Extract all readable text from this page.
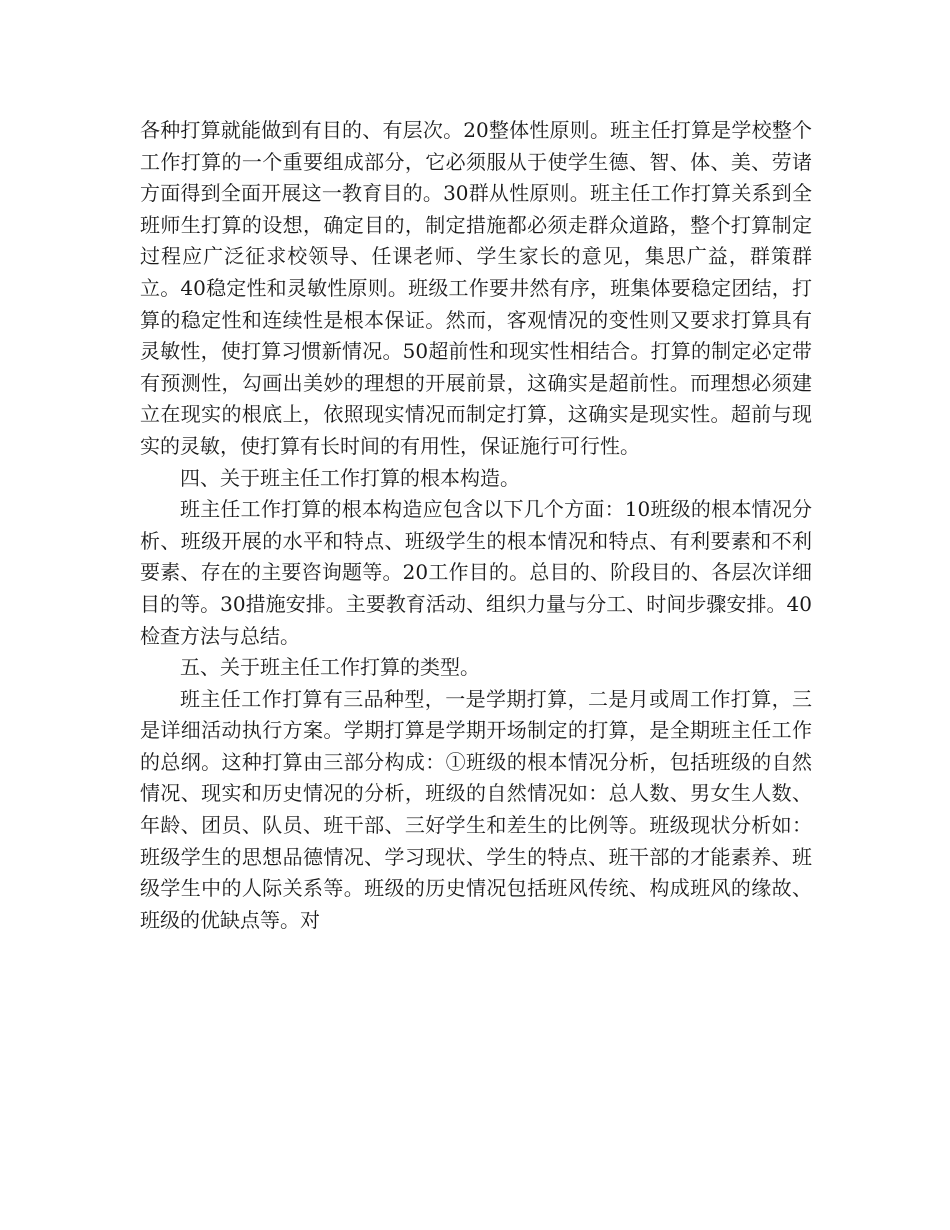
各种打算就能做到有目的、有层次。20整体性原则。班主任打算是学校整个工作打算的一个重要组成部分，它必须服从于使学生德、智、体、美、劳诸方面得到全面开展这一教育目的。30群从性原则。班主任工作打算关系到全班师生打算的设想，确定目的，制定措施都必须走群众道路，整个打算制定过程应广泛征求校领导、任课老师、学生家长的意见，集思广益，群策群立。40稳定性和灵敏性原则。班级工作要井然有序，班集体要稳定团结，打算的稳定性和连续性是根本保证。然而，客观情况的变性则又要求打算具有灵敏性，使打算习惯新情况。50超前性和现实性相结合。打算的制定必定带有预测性，勾画出美妙的理想的开展前景，这确实是超前性。而理想必须建立在现实的根底上，依照现实情况而制定打算，这确实是现实性。超前与现实的灵敏，使打算有长时间的有用性，保证施行可行性。

四、关于班主任工作打算的根本构造。

班主任工作打算的根本构造应包含以下几个方面：10班级的根本情况分析、班级开展的水平和特点、班级学生的根本情况和特点、有利要素和不利要素、存在的主要咨询题等。20工作目的。总目的、阶段目的、各层次详细目的等。30措施安排。主要教育活动、组织力量与分工、时间步骤安排。40检查方法与总结。

五、关于班主任工作打算的类型。

班主任工作打算有三品种型，一是学期打算，二是月或周工作打算，三是详细活动执行方案。学期打算是学期开场制定的打算，是全期班主任工作的总纲。这种打算由三部分构成：①班级的根本情况分析，包括班级的自然情况、现实和历史情况的分析，班级的自然情况如：总人数、男女生人数、年龄、团员、队员、班干部、三好学生和差生的比例等。班级现状分析如：班级学生的思想品德情况、学习现状、学生的特点、班干部的才能素养、班级学生中的人际关系等。班级的历史情况包括班风传统、构成班风的缘故、班级的优缺点等。对
